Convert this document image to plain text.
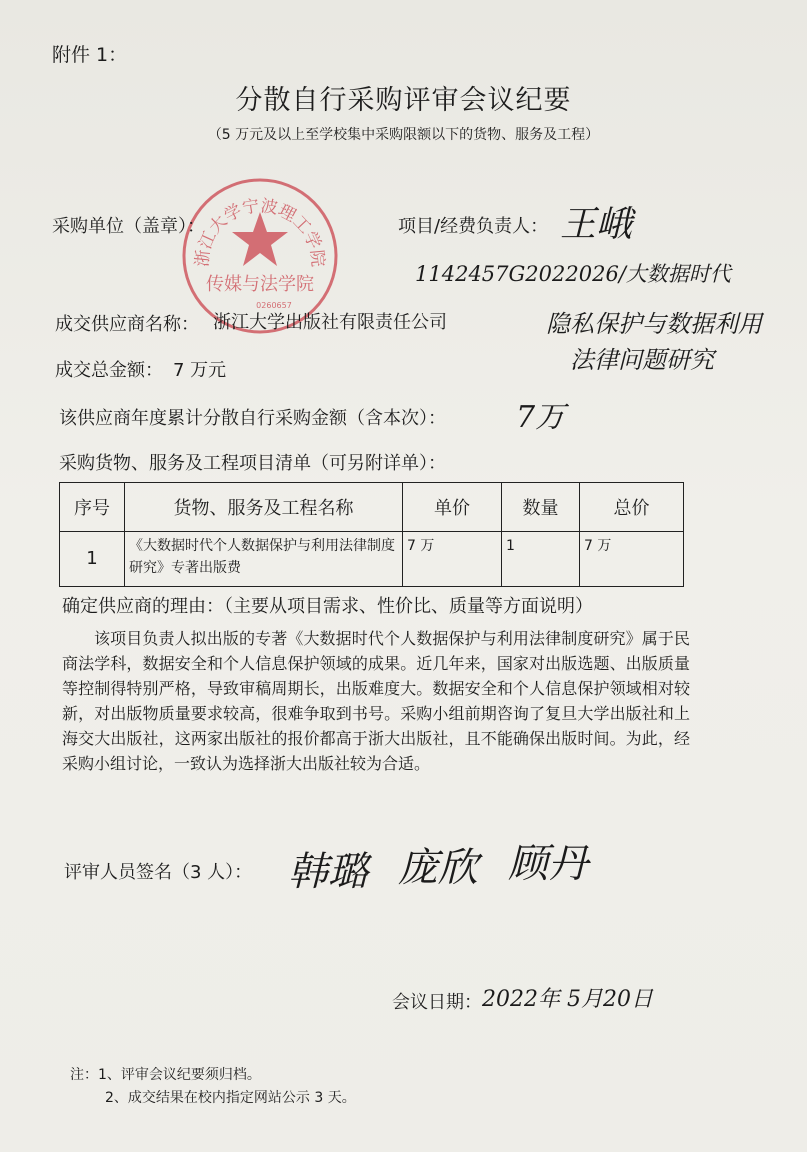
附件 1：
分散自行采购评审会议纪要
（5 万元及以上至学校集中采购限额以下的货物、服务及工程）
浙江大学宁波理工学院
传媒与法学院
0260657
采购单位（盖章）：	项目/经费负责人： 王峨
1142457G2022026/大数据时代
隐私保护与数据利用
法律问题研究
成交供应商名称： 浙江大学出版社有限责任公司
成交总金额： 7 万元
该供应商年度累计分散自行采购金额（含本次）： 7万
采购货物、服务及工程项目清单（可另附详单）：
序号	货物、服务及工程名称	单价	数量	总价
1	《大数据时代个人数据保护与利用法律制度研究》专著出版费	7 万	1	7 万
确定供应商的理由：（主要从项目需求、性价比、质量等方面说明）
该项目负责人拟出版的专著《大数据时代个人数据保护与利用法律制度研究》属于民商法学科，数据安全和个人信息保护领域的成果。近几年来，国家对出版选题、出版质量等控制得特别严格，导致审稿周期长，出版难度大。数据安全和个人信息保护领域相对较新，对出版物质量要求较高，很难争取到书号。采购小组前期咨询了复旦大学出版社和上海交大出版社，这两家出版社的报价都高于浙大出版社，且不能确保出版时间。为此，经采购小组讨论，一致认为选择浙大出版社较为合适。
评审人员签名（3 人）： 韩璐 庞欣 顾丹
会议日期： 2022年 5月20日
注：1、评审会议纪要须归档。
2、成交结果在校内指定网站公示 3 天。
